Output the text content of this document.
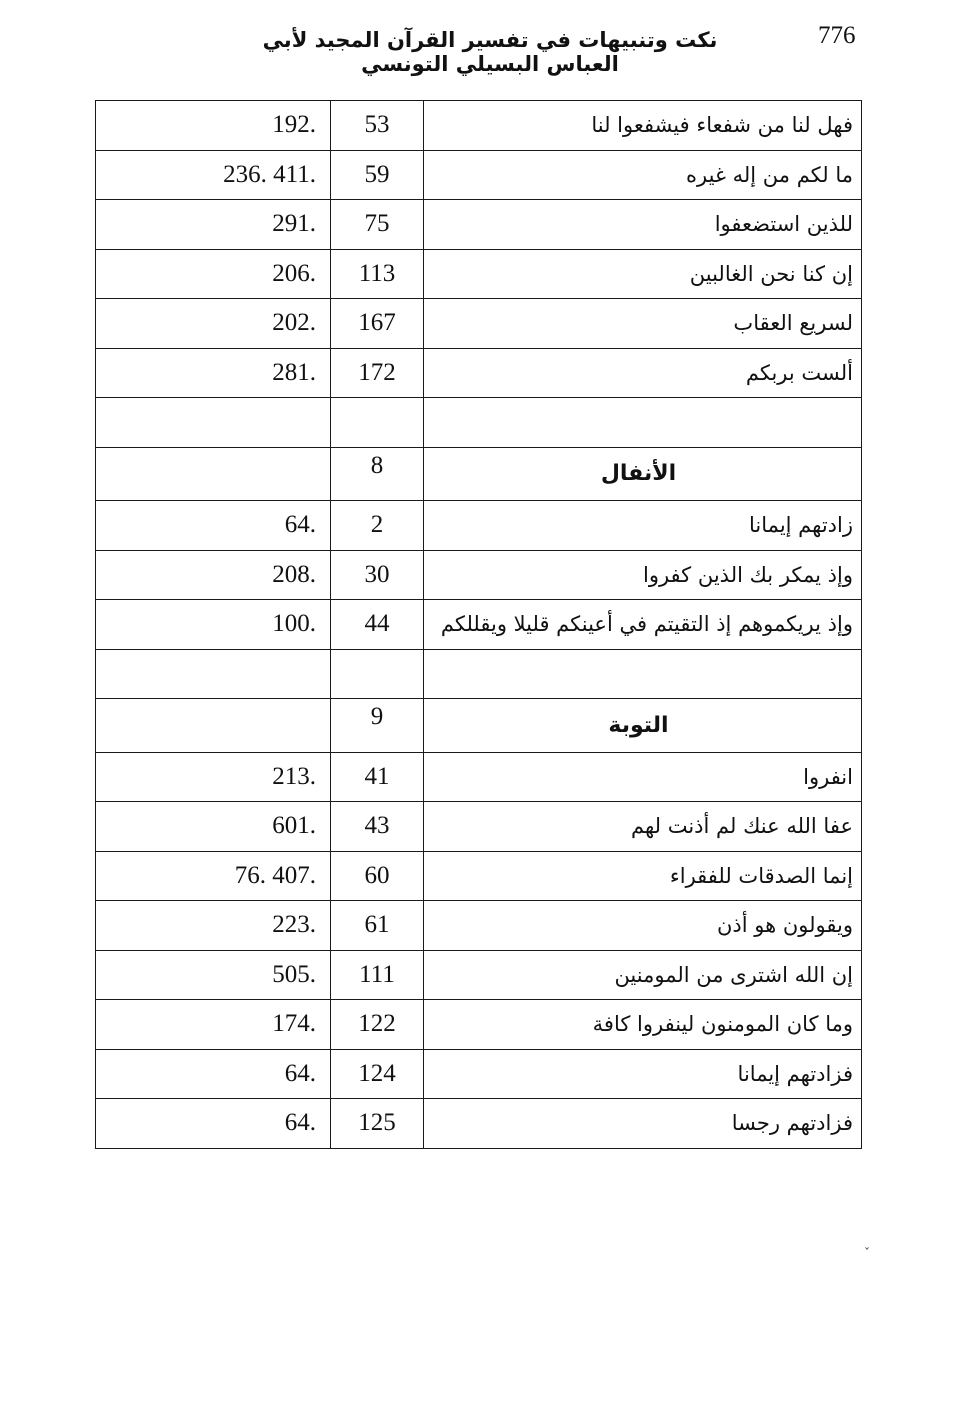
نكت وتنبيهات في تفسير القرآن المجيد لأبي العباس البسيلي التونسي
776
192.	53	فهل لنا من شفعاء فيشفعوا لنا
236. 411.	59	ما لكم من إله غيره
291.	75	للذين استضعفوا
206.	113	إن كنا نحن الغالبين
202.	167	لسريع العقاب
281.	172	ألست بربكم

	8	الأنفال
64.	2	زادتهم إيمانا
208.	30	وإذ يمكر بك الذين كفروا
100.	44	وإذ يريكموهم إذ التقيتم في أعينكم قليلا ويقللكم

	9	التوبة
213.	41	انفروا
601.	43	عفا الله عنك لم أذنت لهم
76. 407.	60	إنما الصدقات للفقراء
223.	61	ويقولون هو أذن
505.	111	إن الله اشترى من المومنين
174.	122	وما كان المومنون لينفروا كافة
64.	124	فزادتهم إيمانا
64.	125	فزادتهم رجسا
ˇ
